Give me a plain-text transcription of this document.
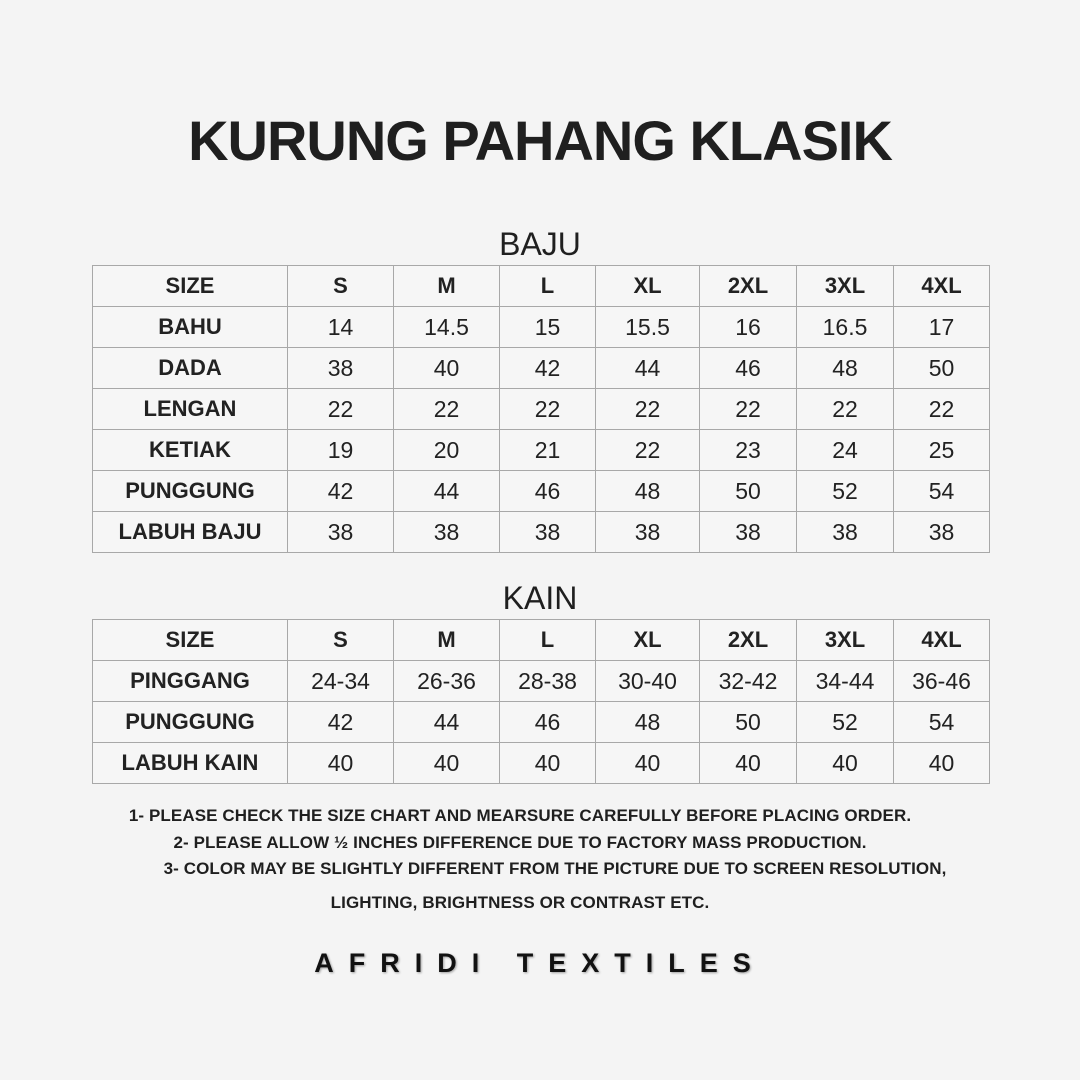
KURUNG PAHANG KLASIK
BAJU
SIZE	S	M	L	XL	2XL	3XL	4XL
BAHU	14	14.5	15	15.5	16	16.5	17
DADA	38	40	42	44	46	48	50
LENGAN	22	22	22	22	22	22	22
KETIAK	19	20	21	22	23	24	25
PUNGGUNG	42	44	46	48	50	52	54
LABUH BAJU	38	38	38	38	38	38	38
KAIN
SIZE	S	M	L	XL	2XL	3XL	4XL
PINGGANG	24-34	26-36	28-38	30-40	32-42	34-44	36-46
PUNGGUNG	42	44	46	48	50	52	54
LABUH KAIN	40	40	40	40	40	40	40

1- PLEASE CHECK THE SIZE CHART AND MEARSURE CAREFULLY BEFORE PLACING ORDER.

2- PLEASE ALLOW ½ INCHES DIFFERENCE DUE TO FACTORY MASS PRODUCTION.

3- COLOR MAY BE SLIGHTLY DIFFERENT FROM THE PICTURE DUE TO SCREEN RESOLUTION,

LIGHTING, BRIGHTNESS OR CONTRAST ETC.

AFRIDI TEXTILES
